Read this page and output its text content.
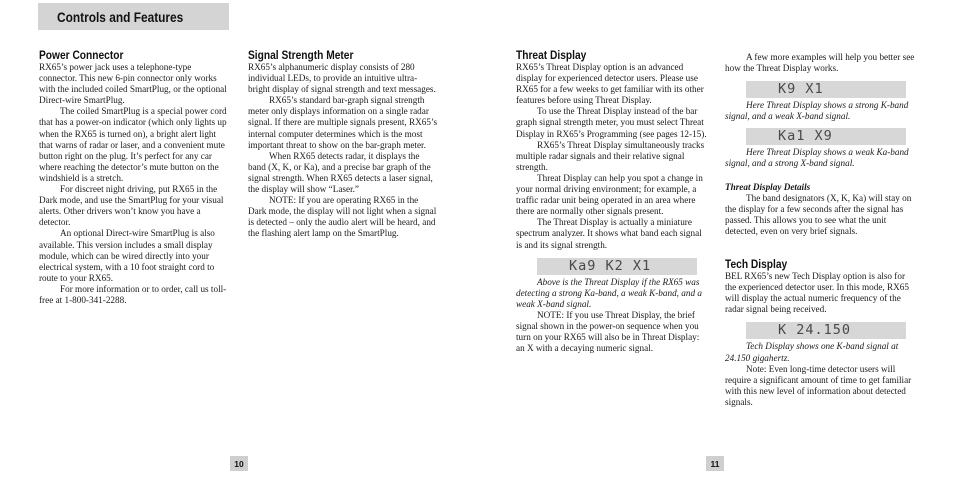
Controls and Features
Power Connector

RX65’s power jack uses a telephone-type connector. This new 6-pin connector only works with the included coiled SmartPlug, or the optional Direct-wire SmartPlug.

The coiled SmartPlug is a special power cord that has a power-on indicator (which only lights up when the RX65 is turned on), a bright alert light that warns of radar or laser, and a convenient mute button right on the plug. It’s perfect for any car where reaching the detector’s mute button on the windshield is a stretch.

For discreet night driving, put RX65 in the Dark mode, and use the SmartPlug for your visual alerts. Other drivers won’t know you have a detector.

An optional Direct-wire SmartPlug is also available. This version includes a small display module, which can be wired directly into your electrical system, with a 10 foot straight cord to route to your RX65.

For more information or to order, call us toll-free at 1-800-341-2288.

Signal Strength Meter

RX65’s alphanumeric display consists of 280 individual LEDs, to provide an intuitive ultra-bright display of signal strength and text messages.

RX65’s standard bar-graph signal strength meter only displays information on a single radar signal. If there are multiple signals present, RX65’s internal computer determines which is the most important threat to show on the bar-graph meter.

When RX65 detects radar, it displays the band (X, K, or Ka), and a precise bar graph of the signal strength. When RX65 detects a laser signal, the display will show “Laser.”

NOTE: If you are operating RX65 in the Dark mode, the display will not light when a signal is detected – only the audio alert will be heard, and the flashing alert lamp on the SmartPlug.

Threat Display

RX65’s Threat Display option is an advanced display for experienced detector users. Please use RX65 for a few weeks to get familiar with its other features before using Threat Display.

To use the Threat Display instead of the bar graph signal strength meter, you must select Threat Display in RX65’s Programming (see pages 12-15).

RX65’s Threat Display simultaneously tracks multiple radar signals and their relative signal strength.

Threat Display can help you spot a change in your normal driving environment; for example, a traffic radar unit being operated in an area where there are normally other signals present.

The Threat Display is actually a miniature spectrum analyzer. It shows what band each signal is and its signal strength.

Ka9 K2 X1

Above is the Threat Display if the RX65 was detecting a strong Ka-band, a weak K-band, and a weak X-band signal.

NOTE: If you use Threat Display, the brief signal shown in the power-on sequence when you turn on your RX65 will also be in Threat Display: an X with a decaying numeric signal.

A few more examples will help you better see how the Threat Display works.

K9 X1

Here Threat Display shows a strong K-band signal, and a weak X-band signal.

Ka1 X9

Here Threat Display shows a weak Ka-band signal, and a strong X-band signal.

Threat Display Details

The band designators (X, K, Ka) will stay on the display for a few seconds after the signal has passed. This allows you to see what the unit detected, even on very brief signals.

Tech Display

BEL RX65’s new Tech Display option is also for the experienced detector user. In this mode, RX65 will display the actual numeric frequency of the radar signal being received.

K 24.150

Tech Display shows one K-band signal at 24.150 gigahertz.

Note: Even long-time detector users will require a significant amount of time to get familiar with this new level of information about detected signals.

10	11
